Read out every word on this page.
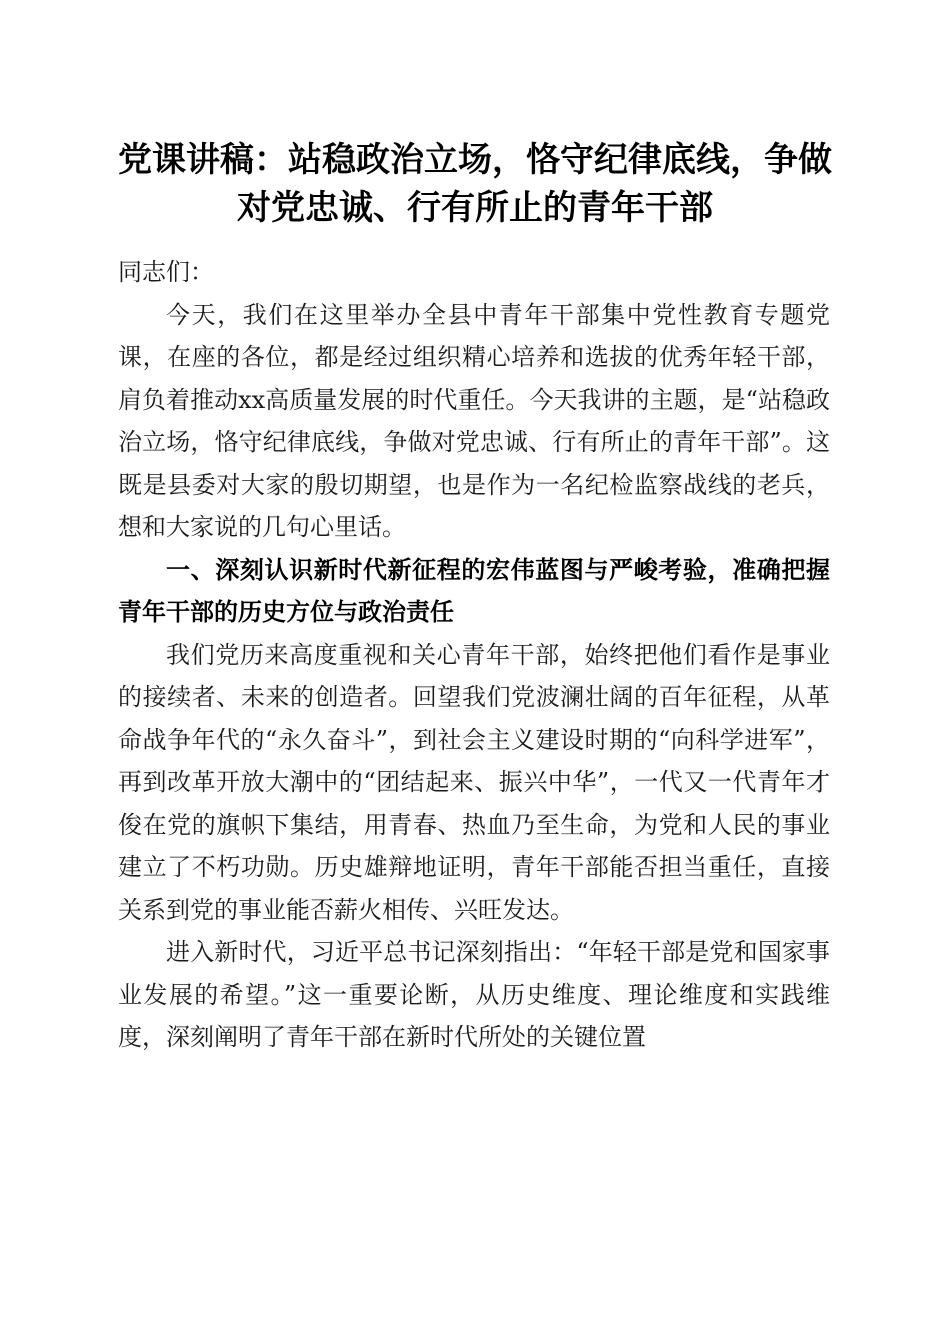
党课讲稿：站稳政治立场，恪守纪律底线，争做对党忠诚、行有所止的青年干部

同志们：

今天，我们在这里举办全县中青年干部集中党性教育专题党课，在座的各位，都是经过组织精心培养和选拔的优秀年轻干部，肩负着推动xx高质量发展的时代重任。今天我讲的主题，是“站稳政治立场，恪守纪律底线，争做对党忠诚、行有所止的青年干部”。这既是县委对大家的殷切期望，也是作为一名纪检监察战线的老兵，想和大家说的几句心里话。

一、深刻认识新时代新征程的宏伟蓝图与严峻考验，准确把握青年干部的历史方位与政治责任

我们党历来高度重视和关心青年干部，始终把他们看作是事业的接续者、未来的创造者。回望我们党波澜壮阔的百年征程，从革命战争年代的“永久奋斗”，到社会主义建设时期的“向科学进军”，再到改革开放大潮中的“团结起来、振兴中华”，一代又一代青年才俊在党的旗帜下集结，用青春、热血乃至生命，为党和人民的事业建立了不朽功勋。历史雄辩地证明，青年干部能否担当重任，直接关系到党的事业能否薪火相传、兴旺发达。

进入新时代，习近平总书记深刻指出：“年轻干部是党和国家事业发展的希望。”这一重要论断，从历史维度、理论维度和实践维度，深刻阐明了青年干部在新时代所处的关键位置
